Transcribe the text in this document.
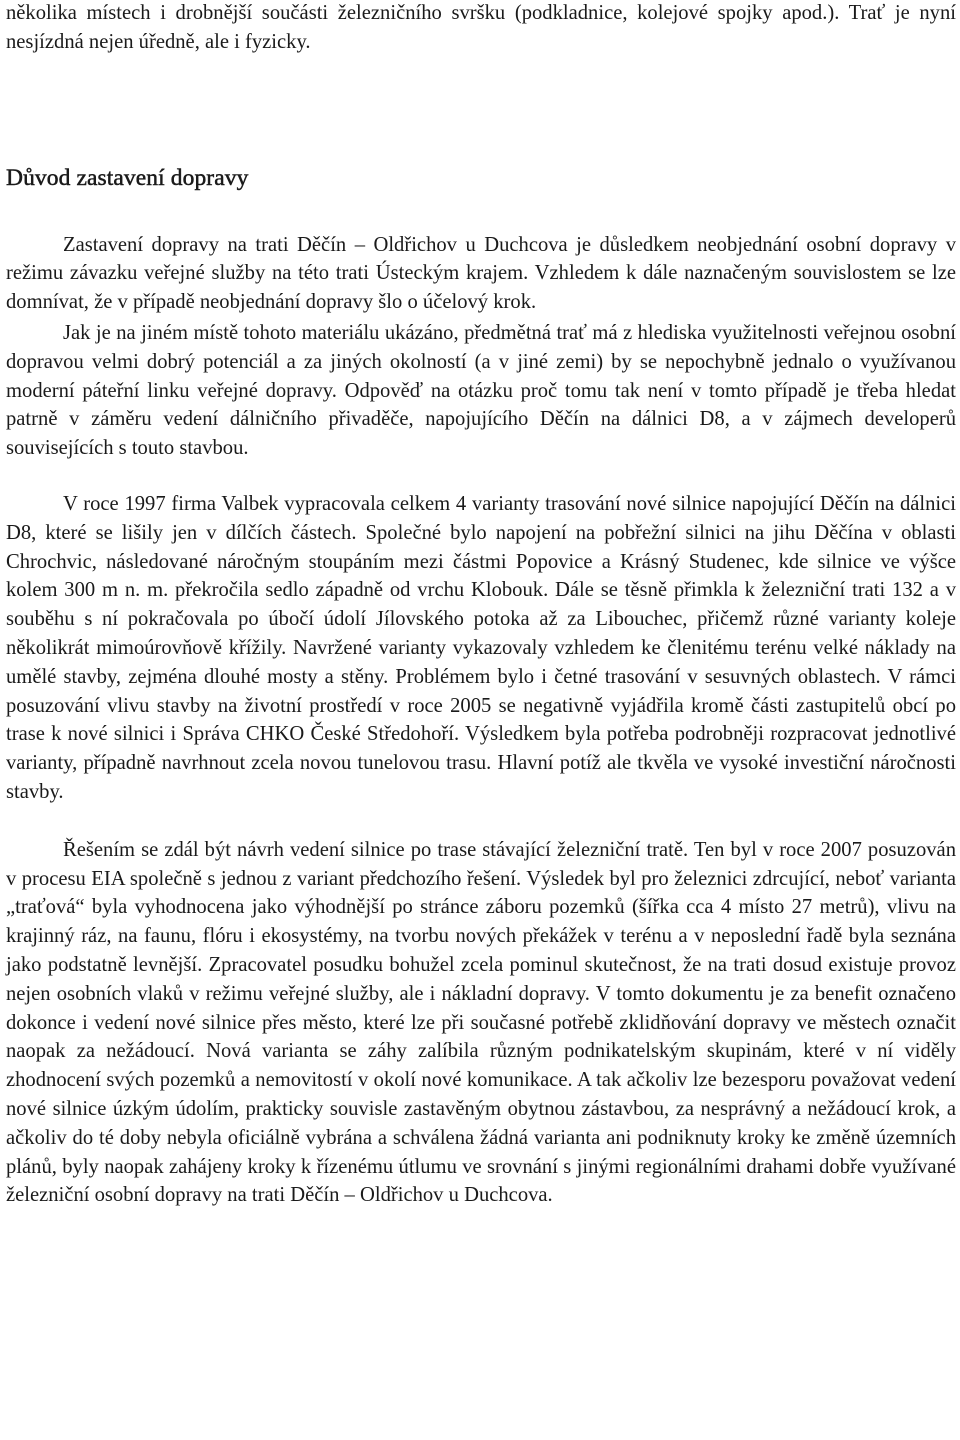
několika místech i drobnější součásti železničního svršku (podkladnice, kolejové spojky apod.). Trať je nyní nesjízdná nejen úředně, ale i fyzicky.

Důvod zastavení dopravy

Zastavení dopravy na trati Děčín – Oldřichov u Duchcova je důsledkem neobjednání osobní dopravy v režimu závazku veřejné služby na této trati Ústeckým krajem. Vzhledem k dále naznačeným souvislostem se lze domnívat, že v případě neobjednání dopravy šlo o účelový krok.

Jak je na jiném místě tohoto materiálu ukázáno, předmětná trať má z hlediska využitelnosti veřejnou osobní dopravou velmi dobrý potenciál a za jiných okolností (a v jiné zemi) by se nepochybně jednalo o využívanou moderní páteřní linku veřejné dopravy. Odpověď na otázku proč tomu tak není v tomto případě je třeba hledat patrně v záměru vedení dálničního přivaděče, napojujícího Děčín na dálnici D8, a v zájmech developerů souvisejících s touto stavbou.

V roce 1997 firma Valbek vypracovala celkem 4 varianty trasování nové silnice napojující Děčín na dálnici D8, které se lišily jen v dílčích částech. Společné bylo napojení na pobřežní silnici na jihu Děčína v oblasti Chrochvic, následované náročným stoupáním mezi částmi Popovice a Krásný Studenec, kde silnice ve výšce kolem 300 m n. m. překročila sedlo západně od vrchu Klobouk. Dále se těsně přimkla k železniční trati 132 a v souběhu s ní pokračovala po úbočí údolí Jílovského potoka až za Libouchec, přičemž různé varianty koleje několikrát mimoúrovňově křížily. Navržené varianty vykazovaly vzhledem ke členitému terénu velké náklady na umělé stavby, zejména dlouhé mosty a stěny. Problémem bylo i četné trasování v sesuvných oblastech. V rámci posuzování vlivu stavby na životní prostředí v roce 2005 se negativně vyjádřila kromě části zastupitelů obcí po trase k nové silnici i Správa CHKO České Středohoří. Výsledkem byla potřeba podrobněji rozpracovat jednotlivé varianty, případně navrhnout zcela novou tunelovou trasu. Hlavní potíž ale tkvěla ve vysoké investiční náročnosti stavby.

Řešením se zdál být návrh vedení silnice po trase stávající železniční tratě. Ten byl v roce 2007 posuzován v procesu EIA společně s jednou z variant předchozího řešení. Výsledek byl pro železnici zdrcující, neboť varianta „traťová“ byla vyhodnocena jako výhodnější po stránce záboru pozemků (šířka cca 4 místo 27 metrů), vlivu na krajinný ráz, na faunu, flóru i ekosystémy, na tvorbu nových překážek v terénu a v neposlední řadě byla seznána jako podstatně levnější. Zpracovatel posudku bohužel zcela pominul skutečnost, že na trati dosud existuje provoz nejen osobních vlaků v režimu veřejné služby, ale i nákladní dopravy. V tomto dokumentu je za benefit označeno dokonce i vedení nové silnice přes město, které lze při současné potřebě zklidňování dopravy ve městech označit naopak za nežádoucí. Nová varianta se záhy zalíbila různým podnikatelským skupinám, které v ní viděly zhodnocení svých pozemků a nemovitostí v okolí nové komunikace. A tak ačkoliv lze bezesporu považovat vedení nové silnice úzkým údolím, prakticky souvisle zastavěným obytnou zástavbou, za nesprávný a nežádoucí krok, a ačkoliv do té doby nebyla oficiálně vybrána a schválena žádná varianta ani podniknuty kroky ke změně územních plánů, byly naopak zahájeny kroky k řízenému útlumu ve srovnání s jinými regionálními drahami dobře využívané železniční osobní dopravy na trati Děčín – Oldřichov u Duchcova.
